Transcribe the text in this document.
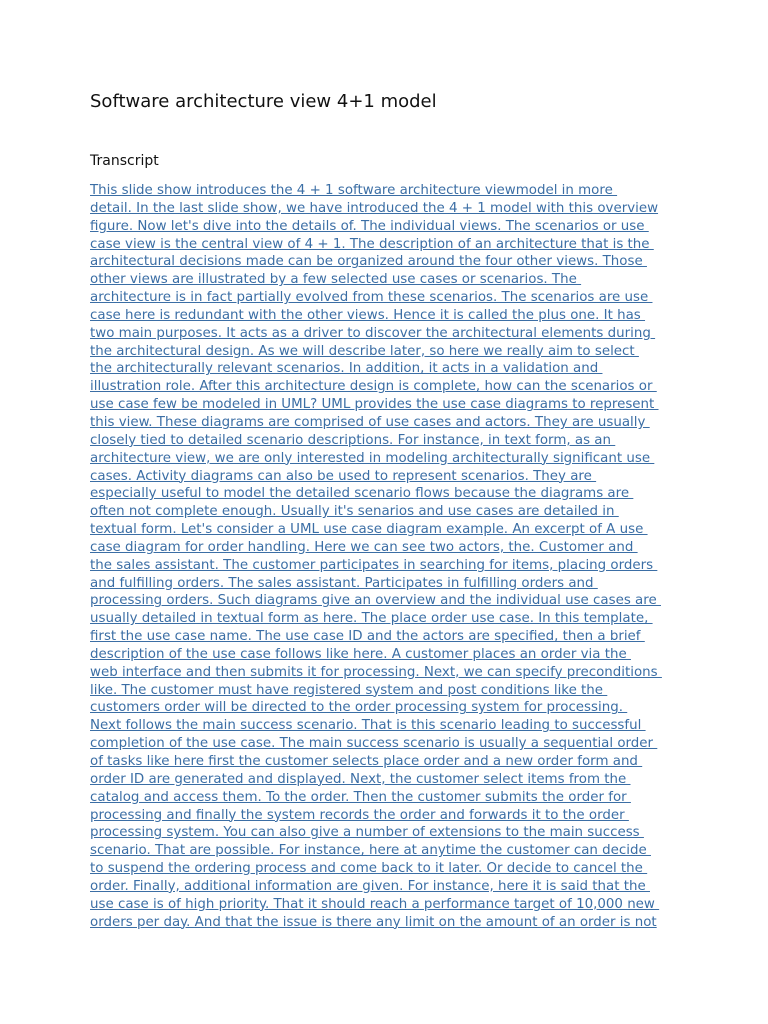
Software architecture view 4+1 model
Transcript
This slide show introduces the 4 + 1 software architecture viewmodel in more
detail. In the last slide show, we have introduced the 4 + 1 model with this overview
figure. Now let's dive into the details of. The individual views. The scenarios or use
case view is the central view of 4 + 1. The description of an architecture that is the
architectural decisions made can be organized around the four other views. Those
other views are illustrated by a few selected use cases or scenarios. The
architecture is in fact partially evolved from these scenarios. The scenarios are use
case here is redundant with the other views. Hence it is called the plus one. It has
two main purposes. It acts as a driver to discover the architectural elements during
the architectural design. As we will describe later, so here we really aim to select
the architecturally relevant scenarios. In addition, it acts in a validation and
illustration role. After this architecture design is complete, how can the scenarios or
use case few be modeled in UML? UML provides the use case diagrams to represent
this view. These diagrams are comprised of use cases and actors. They are usually
closely tied to detailed scenario descriptions. For instance, in text form, as an
architecture view, we are only interested in modeling architecturally significant use
cases. Activity diagrams can also be used to represent scenarios. They are
especially useful to model the detailed scenario flows because the diagrams are
often not complete enough. Usually it's senarios and use cases are detailed in
textual form. Let's consider a UML use case diagram example. An excerpt of A use
case diagram for order handling. Here we can see two actors, the. Customer and
the sales assistant. The customer participates in searching for items, placing orders
and fulfilling orders. The sales assistant. Participates in fulfilling orders and
processing orders. Such diagrams give an overview and the individual use cases are
usually detailed in textual form as here. The place order use case. In this template,
first the use case name. The use case ID and the actors are specified, then a brief
description of the use case follows like here. A customer places an order via the
web interface and then submits it for processing. Next, we can specify preconditions
like. The customer must have registered system and post conditions like the
customers order will be directed to the order processing system for processing.
Next follows the main success scenario. That is this scenario leading to successful
completion of the use case. The main success scenario is usually a sequential order
of tasks like here first the customer selects place order and a new order form and
order ID are generated and displayed. Next, the customer select items from the
catalog and access them. To the order. Then the customer submits the order for
processing and finally the system records the order and forwards it to the order
processing system. You can also give a number of extensions to the main success
scenario. That are possible. For instance, here at anytime the customer can decide
to suspend the ordering process and come back to it later. Or decide to cancel the
order. Finally, additional information are given. For instance, here it is said that the
use case is of high priority. That it should reach a performance target of 10,000 new
orders per day. And that the issue is there any limit on the amount of an order is not
